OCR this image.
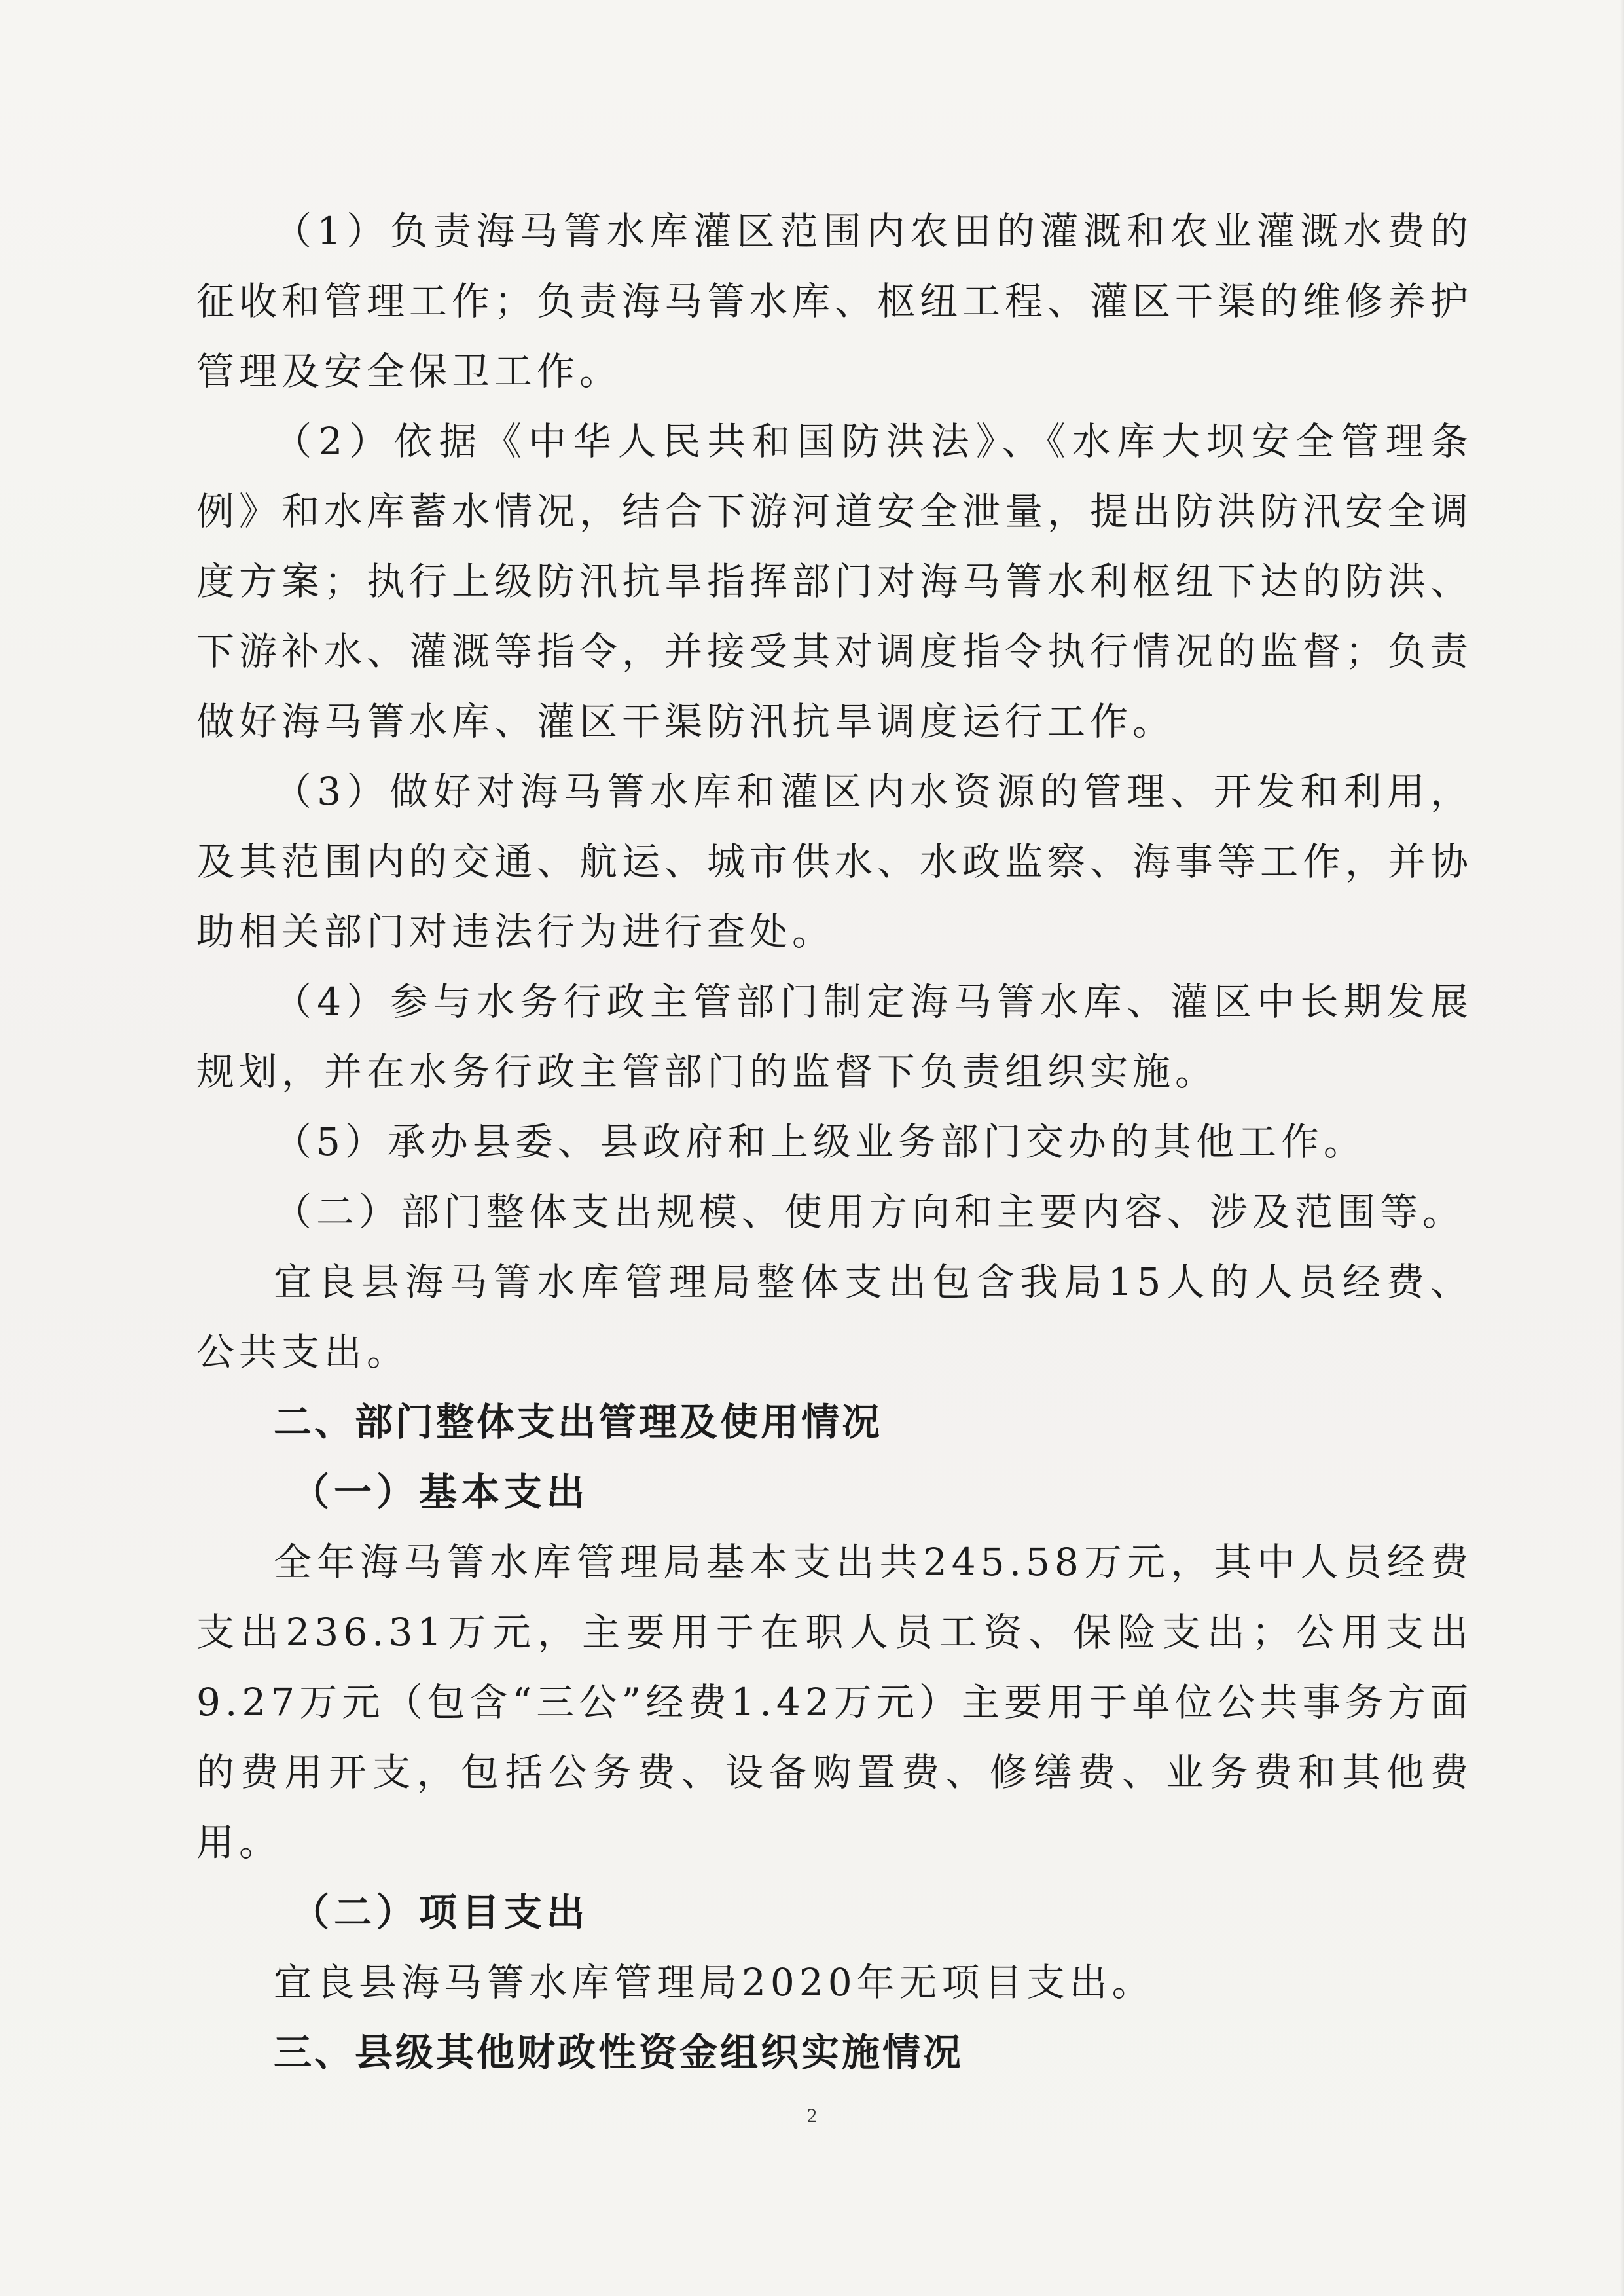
（1）负责海马箐水库灌区范围内农田的灌溉和农业灌溉水费的征收和管理工作；负责海马箐水库、枢纽工程、灌区干渠的维修养护管理及安全保卫工作。

（2）依据《中华人民共和国防洪法》、《水库大坝安全管理条例》和水库蓄水情况，结合下游河道安全泄量，提出防洪防汛安全调度方案；执行上级防汛抗旱指挥部门对海马箐水利枢纽下达的防洪、下游补水、灌溉等指令，并接受其对调度指令执行情况的监督；负责做好海马箐水库、灌区干渠防汛抗旱调度运行工作。

（3）做好对海马箐水库和灌区内水资源的管理、开发和利用，及其范围内的交通、航运、城市供水、水政监察、海事等工作，并协助相关部门对违法行为进行查处。

（4）参与水务行政主管部门制定海马箐水库、灌区中长期发展规划，并在水务行政主管部门的监督下负责组织实施。

（5）承办县委、县政府和上级业务部门交办的其他工作。

（二）部门整体支出规模、使用方向和主要内容、涉及范围等。

宜良县海马箐水库管理局整体支出包含我局15人的人员经费、公共支出。

二、部门整体支出管理及使用情况

（一）基本支出

全年海马箐水库管理局基本支出共245.58万元，其中人员经费支出236.31万元，主要用于在职人员工资、保险支出；公用支出9.27万元（包含“三公”经费1.42万元）主要用于单位公共事务方面的费用开支，包括公务费、设备购置费、修缮费、业务费和其他费用。

（二）项目支出

宜良县海马箐水库管理局2020年无项目支出。

三、县级其他财政性资金组织实施情况

2
